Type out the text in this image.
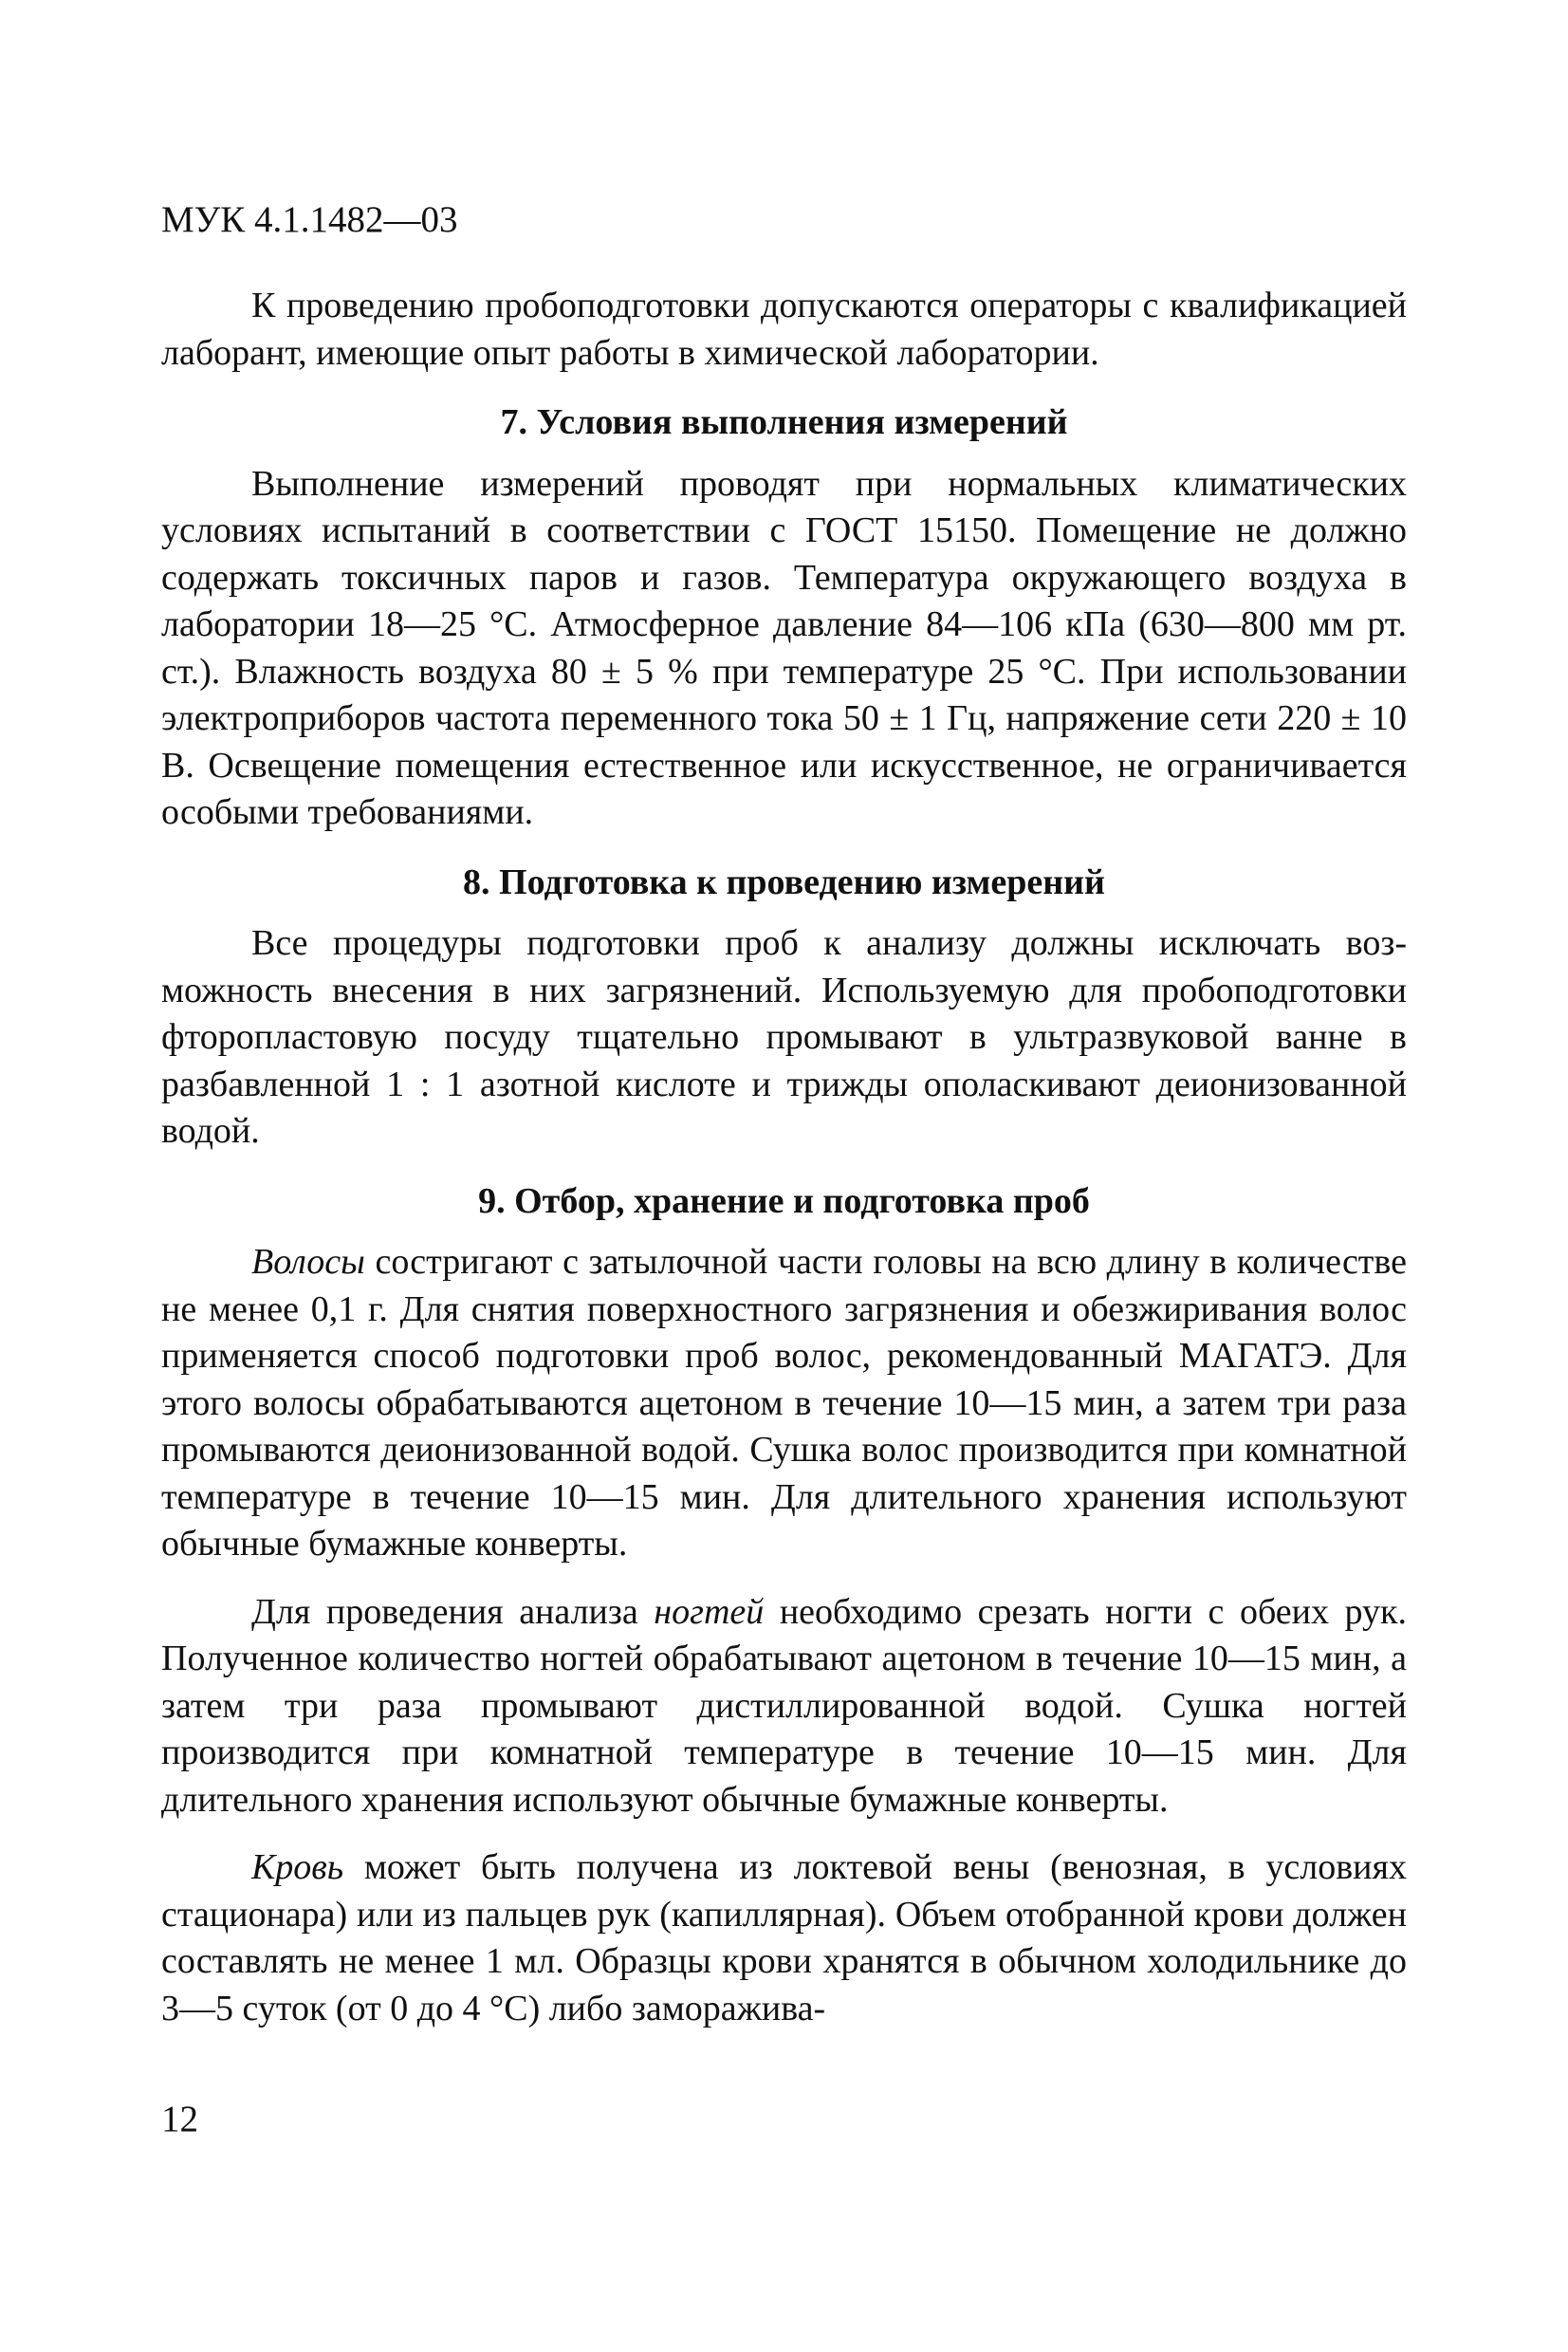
МУК 4.1.1482—03

К проведению пробоподготовки допускаются операторы с квалификацией лаборант, имеющие опыт работы в химической лаборатории.

7. Условия выполнения измерений

Выполнение измерений проводят при нормальных климатических условиях испытаний в соответствии с ГОСТ 15150. Помещение не должно содержать токсичных паров и газов. Температура окружающего воздуха в лаборатории 18—25 °С. Атмосферное давление 84—106 кПа (630—800 мм рт. ст.). Влажность воздуха 80 ± 5 % при температуре 25 °С. При использовании электроприборов частота переменного тока 50 ± 1 Гц, напряжение сети 220 ± 10 В. Освещение помещения естественное или искусственное, не ограничивается особыми требованиями.

8. Подготовка к проведению измерений

Все процедуры подготовки проб к анализу должны исключать возможность внесения в них загрязнений. Используемую для пробоподготовки фторопластовую посуду тщательно промывают в ультразвуковой ванне в разбавленной 1 : 1 азотной кислоте и трижды ополаскивают деионизованной водой.

9. Отбор, хранение и подготовка проб

Волосы состригают с затылочной части головы на всю длину в количестве не менее 0,1 г. Для снятия поверхностного загрязнения и обезжиривания волос применяется способ подготовки проб волос, рекомендованный МАГАТЭ. Для этого волосы обрабатываются ацетоном в течение 10—15 мин, а затем три раза промываются деионизованной водой. Сушка волос производится при комнатной температуре в течение 10—15 мин. Для длительного хранения используют обычные бумажные конверты.

Для проведения анализа ногтей необходимо срезать ногти с обеих рук. Полученное количество ногтей обрабатывают ацетоном в течение 10—15 мин, а затем три раза промывают дистиллированной водой. Сушка ногтей производится при комнатной температуре в течение 10—15 мин. Для длительного хранения используют обычные бумажные конверты.

Кровь может быть получена из локтевой вены (венозная, в условиях стационара) или из пальцев рук (капиллярная). Объем отобранной крови должен составлять не менее 1 мл. Образцы крови хранятся в обычном холодильнике до 3—5 суток (от 0 до 4 °С) либо заморажива-

12
